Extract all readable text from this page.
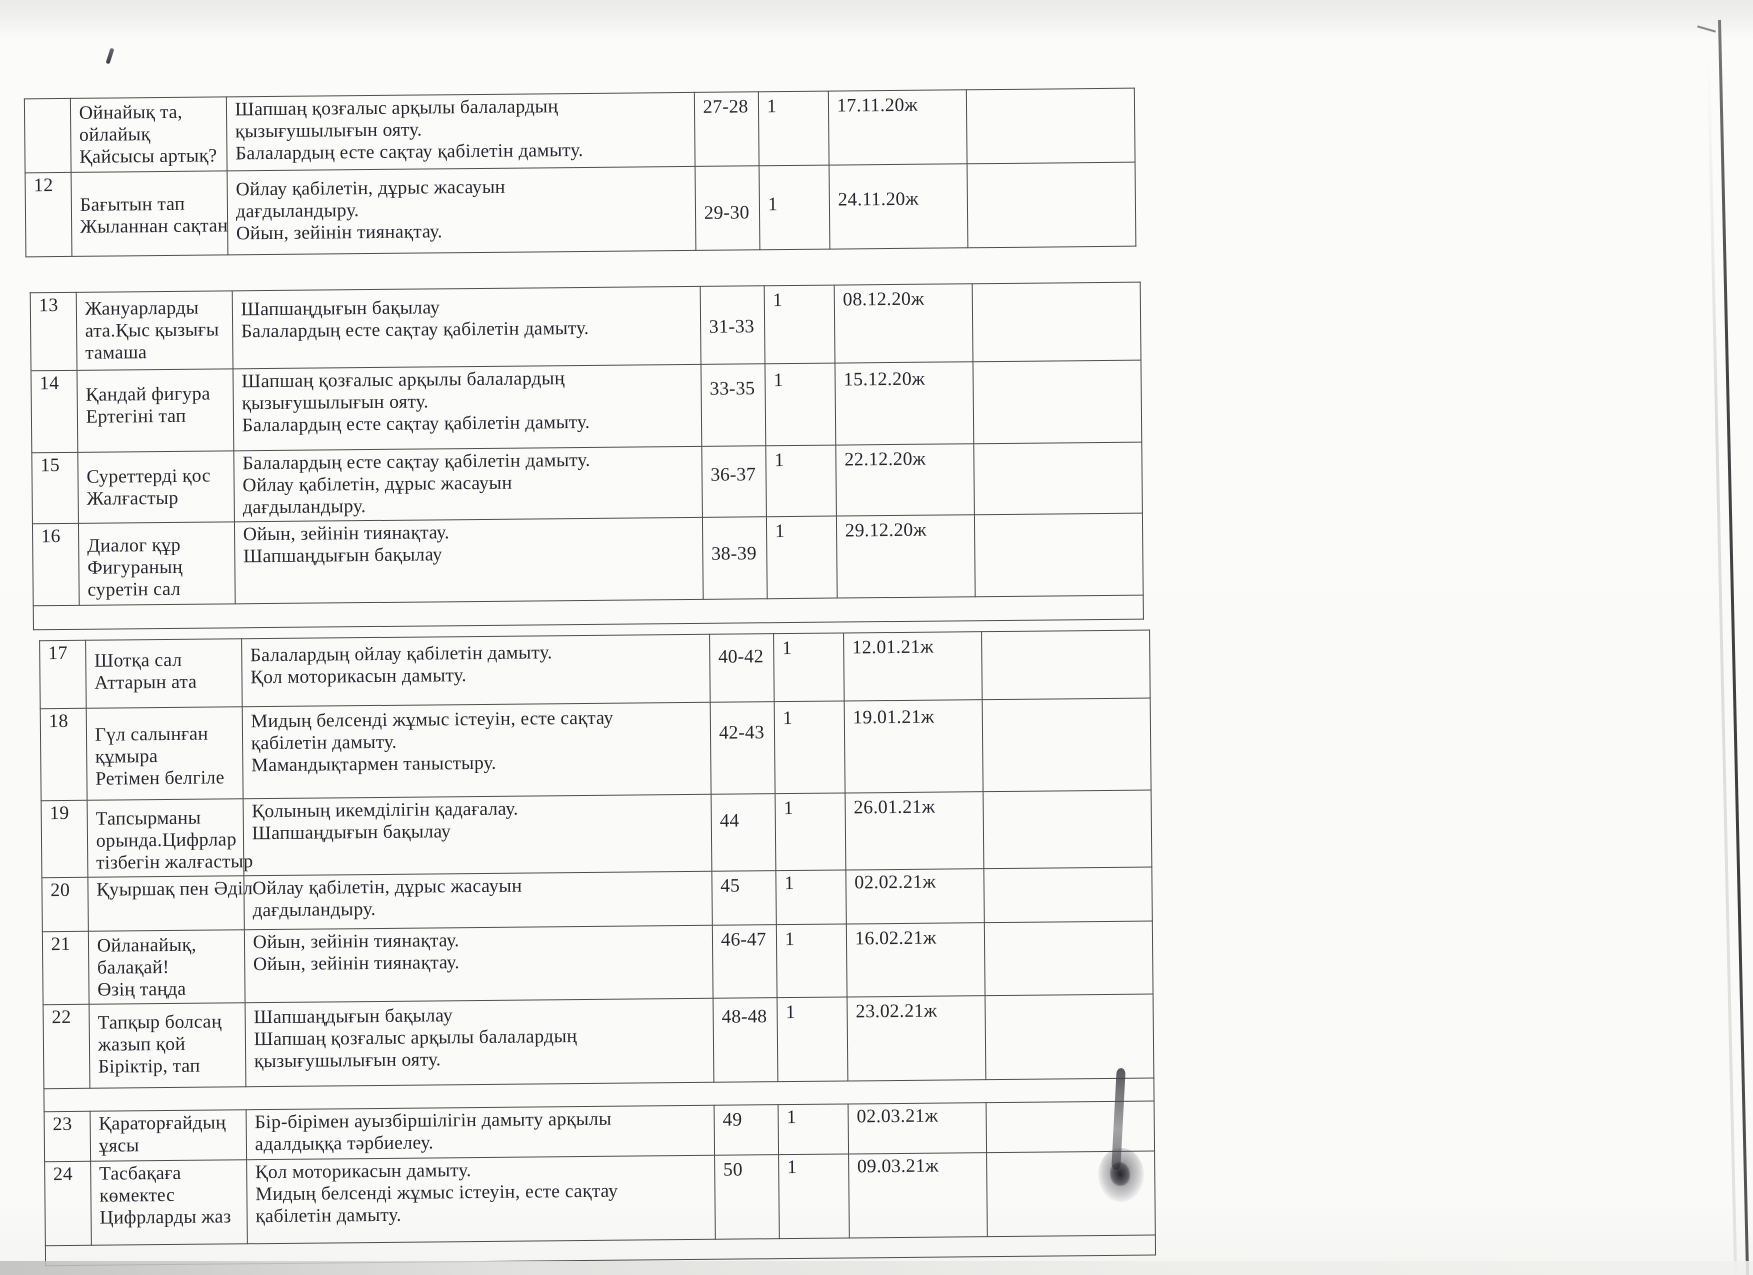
	Ойнайық та,
ойлайық
Қайсысы артық?	Шапшаң қозғалыс арқылы балалардың
қызығушылығын ояту.
Балалардың есте сақтау қабілетін дамыту.	27-28	1	17.11.20ж	
12	Бағытын тап
Жыланнан сақтан	Ойлау қабілетін, дұрыс жасауын
дағдыландыру.
Ойын, зейінін тиянақтау.	29-30	1	24.11.20ж	
13	Жануарларды
ата.Қыс қызығы
тамаша	Шапшаңдығын бақылау
Балалардың есте сақтау қабілетін дамыту.	31-33	1	08.12.20ж	
14	Қандай фигура
Ертегіні тап	Шапшаң қозғалыс арқылы балалардың
қызығушылығын ояту.
Балалардың есте сақтау қабілетін дамыту.	33-35	1	15.12.20ж	
15	Суреттерді қос
Жалғастыр	Балалардың есте сақтау қабілетін дамыту.
Ойлау қабілетін, дұрыс жасауын
дағдыландыру.	36-37	1	22.12.20ж	
16	Диалог құр
Фигураның
суретін сал	Ойын, зейінін тиянақтау.
Шапшаңдығын бақылау	38-39	1	29.12.20ж	

17	Шотқа сал
Аттарын ата	Балалардың ойлау қабілетін дамыту.
Қол моторикасын дамыту.	40-42	1	12.01.21ж	
18	Гүл салынған
құмыра
Ретімен белгіле	Мидың белсенді жұмыс істеуін, есте сақтау
қабілетін дамыту.
Мамандықтармен таныстыру.	42-43	1	19.01.21ж	
19	Тапсырманы
орында.Цифрлар
тізбегін жалғастыр	Қолының икемділігін қадағалау.
Шапшаңдығын бақылау	44	1	26.01.21ж	
20	Қуыршақ пен Әділ	Ойлау қабілетін, дұрыс жасауын
дағдыландыру.	45	1	02.02.21ж	
21	Ойланайық,
балақай!
Өзің таңда	Ойын, зейінін тиянақтау.
Ойын, зейінін тиянақтау.	46-47	1	16.02.21ж	
22	Тапқыр болсаң
жазып қой
Біріктір, тап	Шапшаңдығын бақылау
Шапшаң қозғалыс арқылы балалардың
қызығушылығын ояту.	48-48	1	23.02.21ж	

23	Қараторғайдың
ұясы	Бір-бірімен ауызбіршілігін дамыту арқылы
адалдыққа тәрбиелеу.	49	1	02.03.21ж	
24	Тасбақаға
көмектес
Цифрларды жаз	Қол моторикасын дамыту.
Мидың белсенді жұмыс істеуін, есте сақтау
қабілетін дамыту.	50	1	09.03.21ж	
